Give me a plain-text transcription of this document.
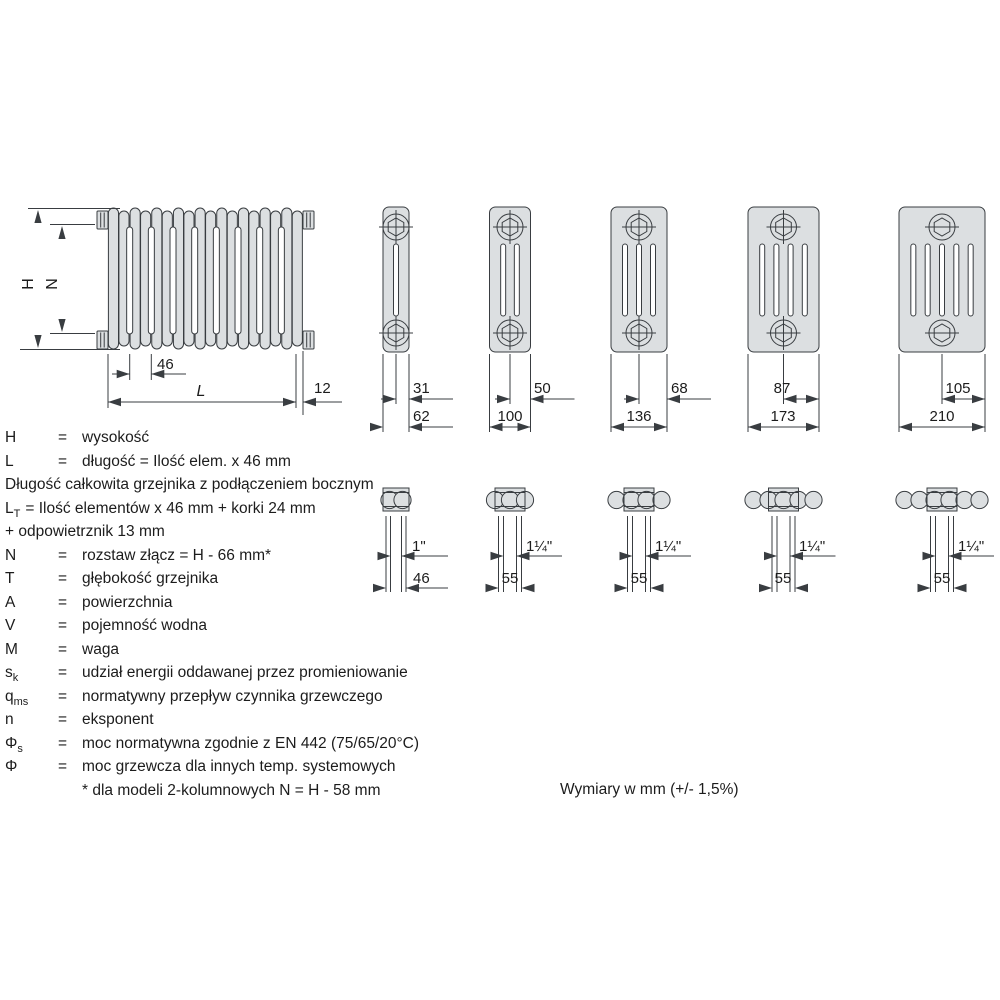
H N
46
L	12	31	50	68	87	105
62	100	136	173	210
1"	1¼"	1¼"	1¼"	1¼"
46	55	55	55	55
H	= wysokość
L	= długość = Ilość elem. x 46 mm
Długość całkowita grzejnika z podłączeniem bocznym
$L_T$ = Ilość elementów x 46 mm + korki 24 mm
+ odpowietrznik 13 mm
N	= rozstaw złącz = H - 66 mm*
T	= głębokość grzejnika
A	= powierzchnia
V	= pojemność wodna
M	= waga
$s_k$	= udział energii oddawanej przez promieniowanie
$q_{ms}$ = normatywny przepływ czynnika grzewczego
n	= eksponent
$\Phi_s$ = moc normatywna zgodnie z EN 442 (75/65/20°C)
Φ	= moc grzewcza dla innych temp. systemowych
* dla modeli 2-kolumnowych N = H - 58 mm	Wymiary w mm (+/- 1,5%)
